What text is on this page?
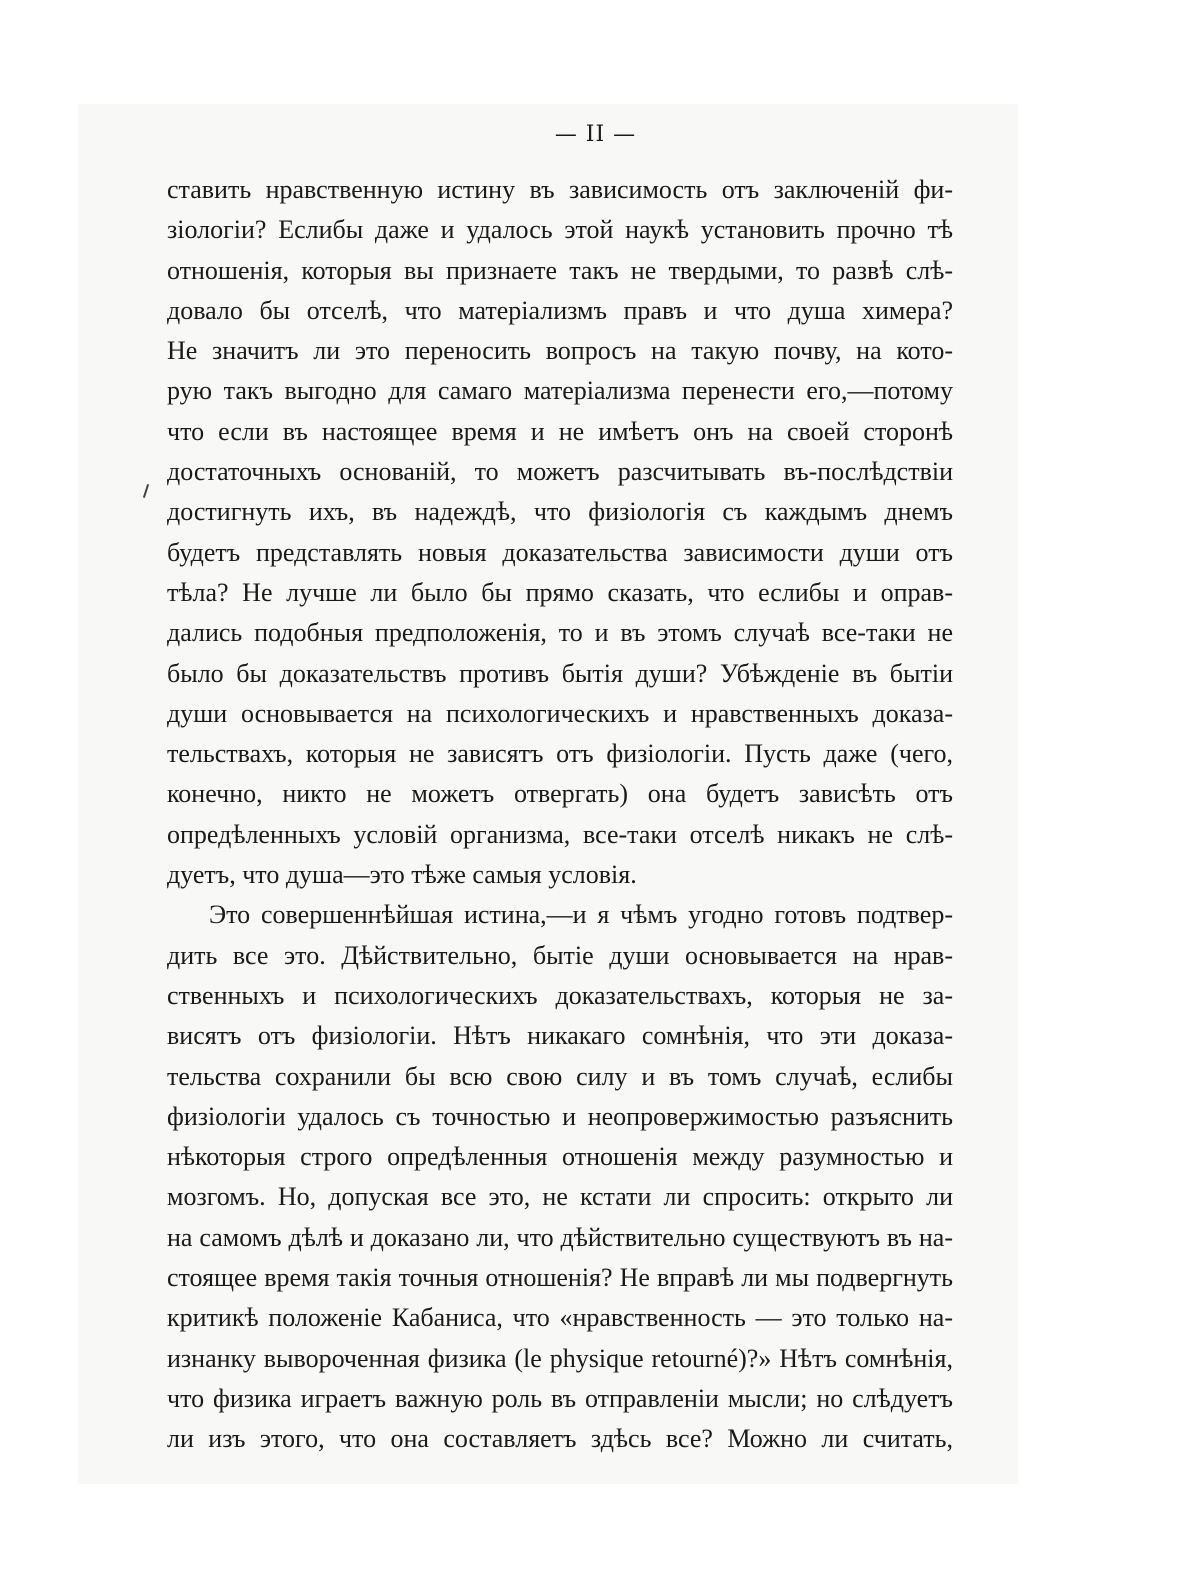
— II —
ставить нравственную истину въ зависимость отъ заключеній фи-
зіологіи? Еслибы даже и удалось этой наукѣ установить прочно тѣ
отношенія, которыя вы признаете такъ не твердыми, то развѣ слѣ-
довало бы отселѣ, что матеріализмъ правъ и что душа химера?
Не значитъ ли это переносить вопросъ на такую почву, на кото-
рую такъ выгодно для самаго матеріализма перенести его,—потому
что если въ настоящее время и не имѣетъ онъ на своей сторонѣ
достаточныхъ основаній, то можетъ разсчитывать въ-послѣдствіи
достигнуть ихъ, въ надеждѣ, что физіологія съ каждымъ днемъ
будетъ представлять новыя доказательства зависимости души отъ
тѣла? Не лучше ли было бы прямо сказать, что еслибы и оправ-
дались подобныя предположенія, то и въ этомъ случаѣ все-таки не
было бы доказательствъ противъ бытія души? Убѣжденіе въ бытіи
души основывается на психологическихъ и нравственныхъ доказа-
тельствахъ, которыя не зависятъ отъ физіологіи. Пусть даже (чего,
конечно, никто не можетъ отвергать) она будетъ зависѣть отъ
опредѣленныхъ условій организма, все-таки отселѣ никакъ не слѣ-
дуетъ, что душа—это тѣже самыя условія.
Это совершеннѣйшая истина,—и я чѣмъ угодно готовъ подтвер-
дить все это. Дѣйствительно, бытіе души основывается на нрав-
ственныхъ и психологическихъ доказательствахъ, которыя не за-
висятъ отъ физіологіи. Нѣтъ никакаго сомнѣнія, что эти доказа-
тельства сохранили бы всю свою силу и въ томъ случаѣ, еслибы
физіологіи удалось съ точностью и неопровержимостью разъяснить
нѣкоторыя строго опредѣленныя отношенія между разумностью и
мозгомъ. Но, допуская все это, не кстати ли спросить: открыто ли
на самомъ дѣлѣ и доказано ли, что дѣйствительно существуютъ въ на-
стоящее время такія точныя отношенія? Не вправѣ ли мы подвергнуть
критикѣ положеніе Кабаниса, что «нравственность — это только на-
изнанку вывороченная физика (le physique retourné)?» Нѣтъ сомнѣнія,
что физика играетъ важную роль въ отправленіи мысли; но слѣдуетъ
ли изъ этого, что она составляетъ здѣсь все? Можно ли считать,
